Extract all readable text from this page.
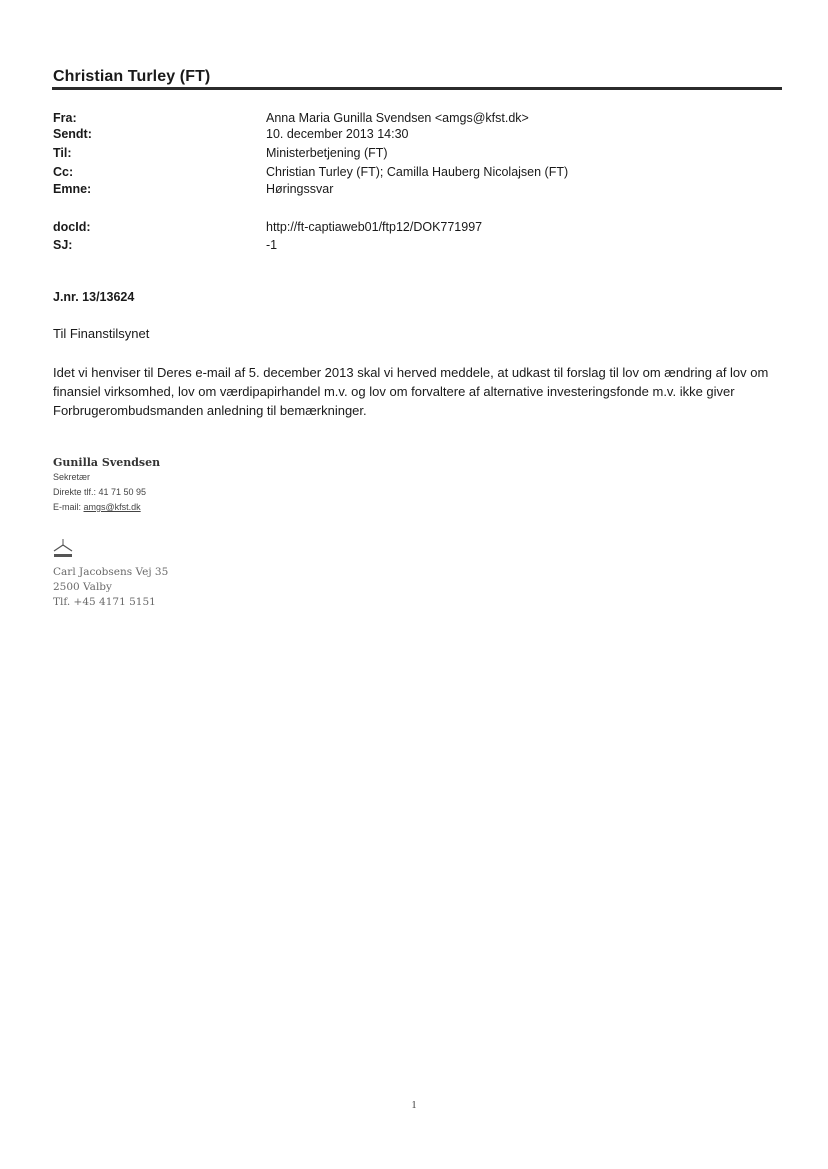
Christian Turley (FT)
Fra:	Anna Maria Gunilla Svendsen <amgs@kfst.dk>
Sendt:	10. december 2013 14:30
Til:	Ministerbetjening (FT)
Cc:	Christian Turley (FT); Camilla Hauberg Nicolajsen (FT)
Emne:	Høringssvar
docId:	http://ft-captiaweb01/ftp12/DOK771997
SJ:	-1
J.nr. 13/13624
Til Finanstilsynet
Idet vi henviser til Deres e-mail af 5. december 2013 skal vi herved meddele, at udkast til forslag til lov om ændring af lov om finansiel virksomhed, lov om værdipapirhandel m.v. og lov om forvaltere af alternative investeringsfonde m.v. ikke giver Forbrugerombudsmanden anledning til bemærkninger.
Gunilla Svendsen
Sekretær
Direkte tlf.: 41 71 50 95
E-mail: amgs@kfst.dk
Carl Jacobsens Vej 35
2500 Valby
Tlf. +45 4171 5151
1
